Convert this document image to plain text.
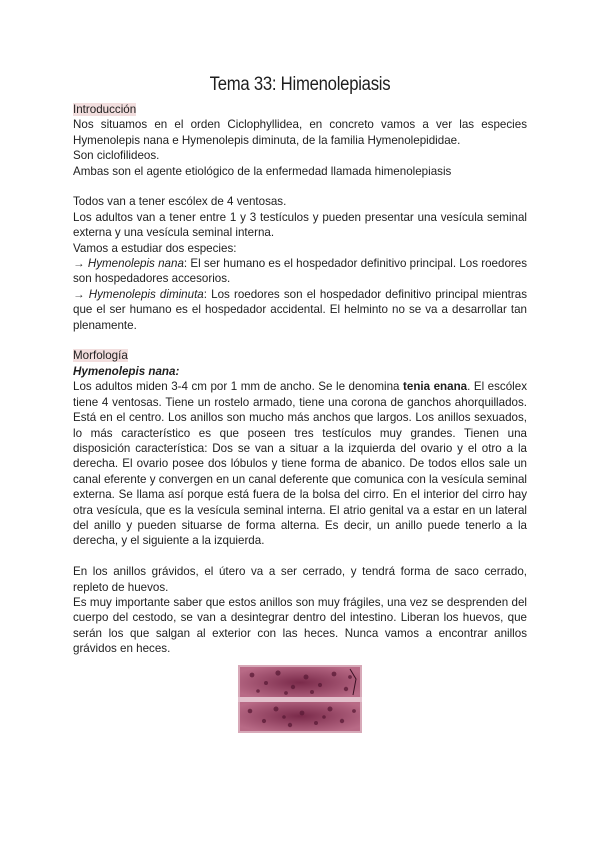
Tema 33: Himenolepiasis

Introducción

Nos situamos en el orden Ciclophyllidea, en concreto vamos a ver las especies Hymenolepis nana e Hymenolepis diminuta, de la familia Hymenolepididae.

Son ciclofilideos.

Ambas son el agente etiológico de la enfermedad llamada himenolepiasis

Todos van a tener escólex de 4 ventosas.

Los adultos van a tener entre 1 y 3 testículos y pueden presentar una vesícula seminal externa y una vesícula seminal interna.

Vamos a estudiar dos especies:

→ Hymenolepis nana: El ser humano es el hospedador definitivo principal. Los roedores son hospedadores accesorios.

→ Hymenolepis diminuta: Los roedores son el hospedador definitivo principal mientras que el ser humano es el hospedador accidental. El helminto no se va a desarrollar tan plenamente.

Morfología

Hymenolepis nana:

Los adultos miden 3-4 cm por 1 mm de ancho. Se le denomina tenia enana. El escólex tiene 4 ventosas. Tiene un rostelo armado, tiene una corona de ganchos ahorquillados. Está en el centro. Los anillos son mucho más anchos que largos. Los anillos sexuados, lo más característico es que poseen tres testículos muy grandes. Tienen una disposición característica: Dos se van a situar a la izquierda del ovario y el otro a la derecha. El ovario posee dos lóbulos y tiene forma de abanico. De todos ellos sale un canal eferente y convergen en un canal deferente que comunica con la vesícula seminal externa. Se llama así porque está fuera de la bolsa del cirro. En el interior del cirro hay otra vesícula, que es la vesícula seminal interna. El atrio genital va a estar en un lateral del anillo y pueden situarse de forma alterna. Es decir, un anillo puede tenerlo a la derecha, y el siguiente a la izquierda.

En los anillos grávidos, el útero va a ser cerrado, y tendrá forma de saco cerrado, repleto de huevos.

Es muy importante saber que estos anillos son muy frágiles, una vez se desprenden del cuerpo del cestodo, se van a desintegrar dentro del intestino. Liberan los huevos, que serán los que salgan al exterior con las heces. Nunca vamos a encontrar anillos grávidos en heces.
